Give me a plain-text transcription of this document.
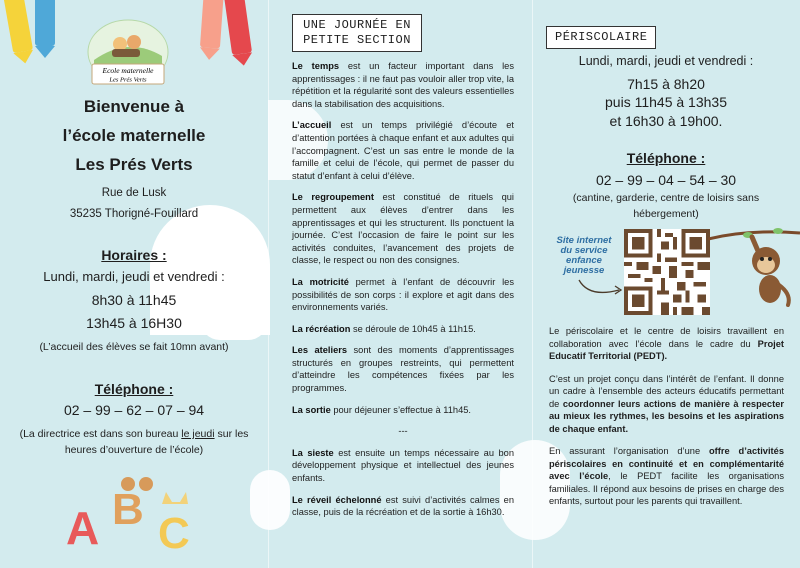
Ecole maternelle
Les Prés Verts
Bienvenue à
l’école maternelle
Les Prés Verts
Rue de Lusk
35235 Thorigné-Fouillard
Horaires :
Lundi, mardi, jeudi et vendredi :
8h30 à 11h45
13h45 à 16H30
(L’accueil des élèves se fait 10mn avant)
Téléphone :
02 – 99 – 62 – 07 – 94
(La directrice est dans son bureau le jeudi sur les heures d’ouverture de l’école)
A B C
UNE JOURNÉE EN
PETITE SECTION

Le temps est un facteur important dans les apprentissages : il ne faut pas vouloir aller trop vite, la répétition et la régularité sont des valeurs essentielles dans la stabilisation des acquisitions.

L’accueil est un temps privilégié d’écoute et d’attention portées à chaque enfant et aux adultes qui l’accompagnent. C’est un sas entre le monde de la famille et celui de l’école, qui permet de passer du statut d’enfant à celui d’élève.

Le regroupement est constitué de rituels qui permettent aux élèves d’entrer dans les apprentissages et qui les structurent. Ils ponctuent la journée. C’est l’occasion de faire le point sur les activités conduites, l’avancement des projets de classe, le respect ou non des consignes.

La motricité permet à l’enfant de découvrir les possibilités de son corps : il explore et agit dans des environnements variés.

La récréation se déroule de 10h45 à 11h15.

Les ateliers sont des moments d’apprentissages structurés en groupes restreints, qui permettent d’atteindre les compétences fixées par les programmes.

La sortie pour déjeuner s’effectue à 11h45.

---

La sieste est ensuite un temps nécessaire au bon développement physique et intellectuel des jeunes enfants.

Le réveil échelonné est suivi d’activités calmes en classe, puis de la récréation et de la sortie à 16h30.

PÉRISCOLAIRE
Lundi, mardi, jeudi et vendredi :
7h15 à 8h20
puis 11h45 à 13h35
et 16h30 à 19h00.
Téléphone :
02 – 99 – 04 – 54 – 30
(cantine, garderie, centre de loisirs sans hébergement)
Site internet
du service
enfance
jeunesse

Le périscolaire et le centre de loisirs travaillent en collaboration avec l’école dans le cadre du Projet Educatif Territorial (PEDT).

C’est un projet conçu dans l’intérêt de l’enfant. Il donne un cadre à l’ensemble des acteurs éducatifs permettant de coordonner leurs actions de manière à respecter au mieux les rythmes, les besoins et les aspirations de chaque enfant.

En assurant l’organisation d’une offre d’activités périscolaires en continuité et en complémentarité avec l’école, le PEDT facilite les organisations familiales. Il répond aux besoins de prises en charge des enfants, surtout pour les parents qui travaillent.
